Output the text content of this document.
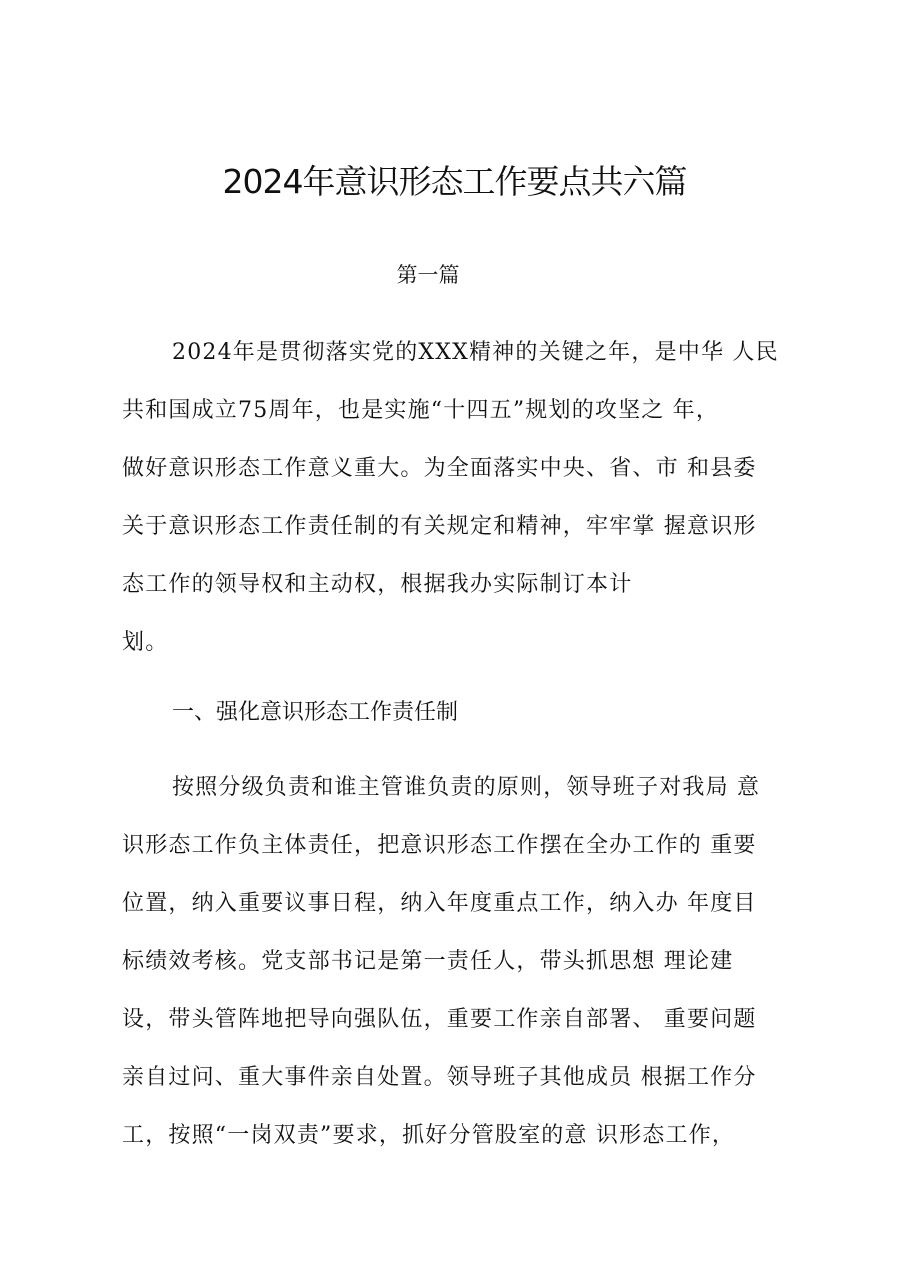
2024年意识形态工作要点共六篇
第一篇
2024年是贯彻落实党的XXX精神的关键之年，是中华 人民
共和国成立75周年，也是实施“十四五”规划的攻坚之 年，
做好意识形态工作意义重大。为全面落实中央、省、市 和县委
关于意识形态工作责任制的有关规定和精神，牢牢掌 握意识形
态工作的领导权和主动权，根据我办实际制订本计
划。
一、强化意识形态工作责任制
按照分级负责和谁主管谁负责的原则，领导班子对我局 意
识形态工作负主体责任，把意识形态工作摆在全办工作的 重要
位置，纳入重要议事日程，纳入年度重点工作，纳入办 年度目
标绩效考核。党支部书记是第一责任人，带头抓思想 理论建
设，带头管阵地把导向强队伍，重要工作亲自部署、 重要问题
亲自过问、重大事件亲自处置。领导班子其他成员 根据工作分
工，按照“一岗双责”要求，抓好分管股室的意 识形态工作，
